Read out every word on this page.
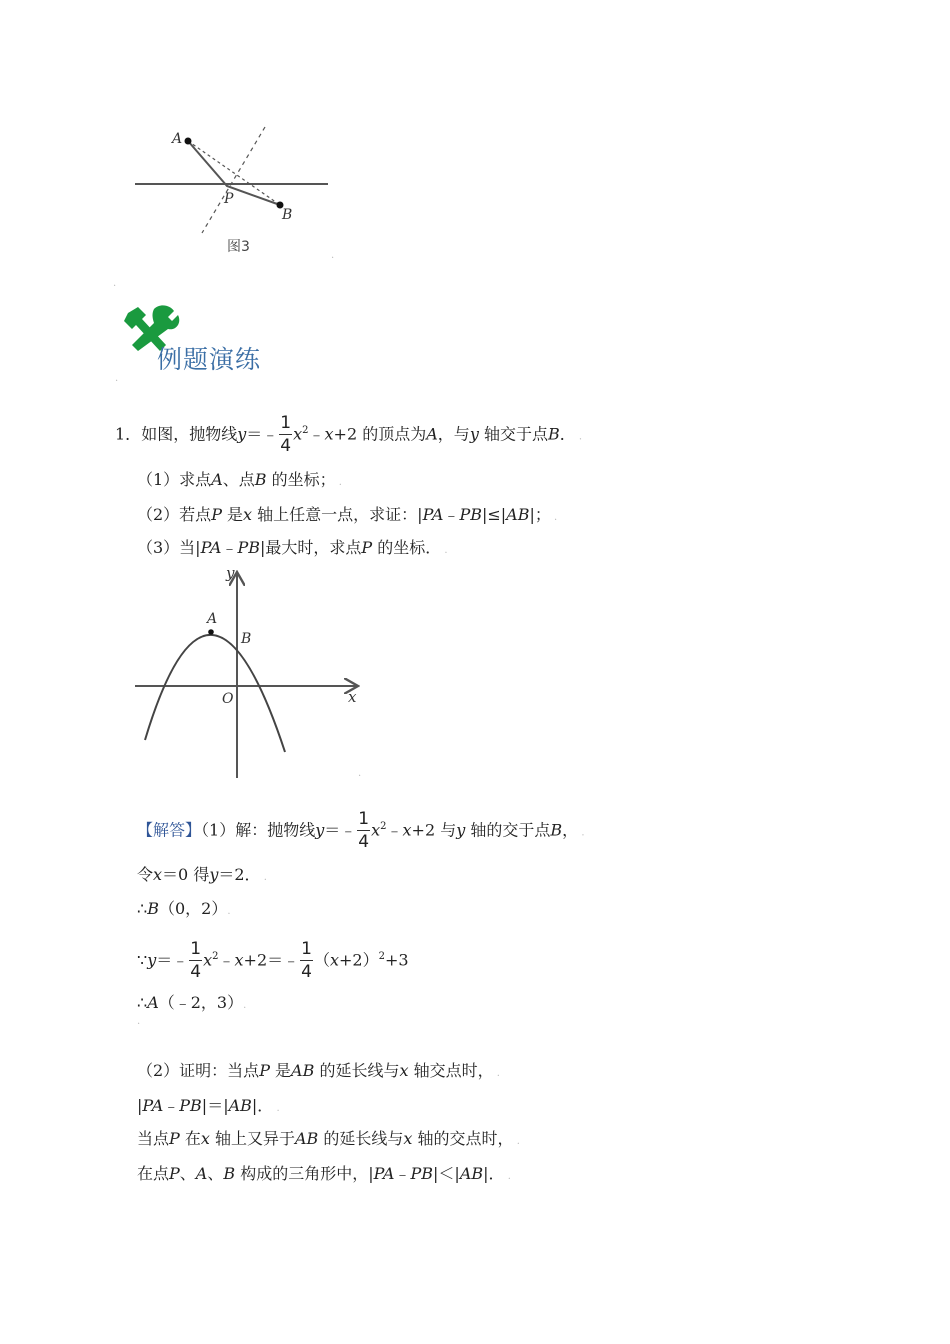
A
P
B
图3
.
.
例题演练
.
1．如图，抛物线y＝﹣ $\frac{1}{4}$ $x^2﹣x+2$ 的顶点为A，与y 轴交于点B． .
（1）求点A、点B 的坐标； .
（2）若点P 是x 轴上任意一点，求证：|PA﹣PB|≤|AB|； .
（3）当|PA﹣PB|最大时，求点P 的坐标． .
y
x
O
A
B
.
【解答】（1）解：抛物线y＝﹣ $\frac{1}{4}$ $x^2﹣x+2$ 与y 轴的交于点B， .
令x＝0 得y＝2． .
∴B（0，2）.
∵y＝﹣ $\frac{1}{4}$ $x^2﹣x+2=﹣ \frac{1}{4} (x+2)^2+3$
∴A（﹣2，3）.
.
（2）证明：当点P 是AB 的延长线与x 轴交点时， .
|PA﹣PB|＝|AB|． .
当点P 在x 轴上又异于AB 的延长线与x 轴的交点时， .
在点P、A、B 构成的三角形中，|PA﹣PB|＜|AB|． .
